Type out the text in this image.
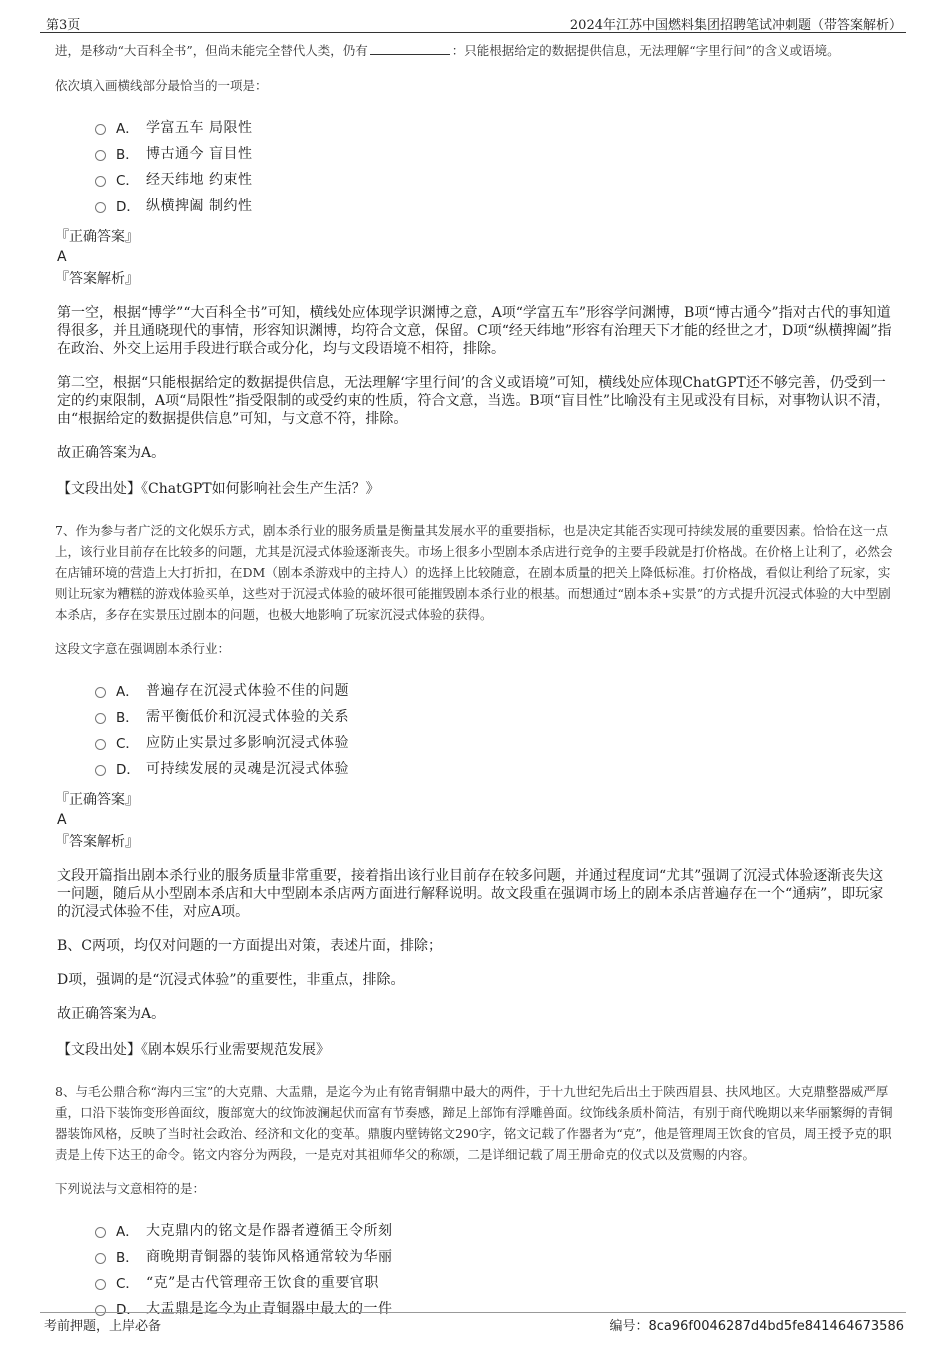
第3页	2024年江苏中国燃料集团招聘笔试冲刺题（带答案解析）

进，是移动“大百科全书”，但尚未能完全替代人类，仍有	：只能根据给定的数据提供信息，无法理解“字里行间”的含义或语境。

依次填入画横线部分最恰当的一项是：

A． 学富五车 局限性
B． 博古通今 盲目性
C． 经天纬地 约束性
D． 纵横捭阖 制约性

『正确答案』

A

『答案解析』

第一空，根据“博学”“大百科全书”可知，横线处应体现学识渊博之意，A项“学富五车”形容学问渊博，B项“博古通今”指对古代的事知道得很多，并且通晓现代的事情，形容知识渊博，均符合文意，保留。C项“经天纬地”形容有治理天下才能的经世之才，D项“纵横捭阖”指在政治、外交上运用手段进行联合或分化，均与文段语境不相符，排除。

第二空，根据“只能根据给定的数据提供信息，无法理解‘字里行间’的含义或语境”可知，横线处应体现ChatGPT还不够完善，仍受到一定的约束限制，A项“局限性”指受限制的或受约束的性质，符合文意，当选。B项“盲目性”比喻没有主见或没有目标，对事物认识不清，由“根据给定的数据提供信息”可知，与文意不符，排除。

故正确答案为A。

【文段出处】《ChatGPT如何影响社会生产生活？》

7、作为参与者广泛的文化娱乐方式，剧本杀行业的服务质量是衡量其发展水平的重要指标，也是决定其能否实现可持续发展的重要因素。恰恰在这一点上，该行业目前存在比较多的问题，尤其是沉浸式体验逐渐丧失。市场上很多小型剧本杀店进行竞争的主要手段就是打价格战。在价格上让利了，必然会在店铺环境的营造上大打折扣，在DM（剧本杀游戏中的主持人）的选择上比较随意，在剧本质量的把关上降低标准。打价格战，看似让利给了玩家，实则让玩家为糟糕的游戏体验买单，这些对于沉浸式体验的破坏很可能摧毁剧本杀行业的根基。而想通过“剧本杀+实景”的方式提升沉浸式体验的大中型剧本杀店，多存在实景压过剧本的问题，也极大地影响了玩家沉浸式体验的获得。

这段文字意在强调剧本杀行业：

A． 普遍存在沉浸式体验不佳的问题
B． 需平衡低价和沉浸式体验的关系
C． 应防止实景过多影响沉浸式体验
D． 可持续发展的灵魂是沉浸式体验

『正确答案』

A

『答案解析』

文段开篇指出剧本杀行业的服务质量非常重要，接着指出该行业目前存在较多问题，并通过程度词“尤其”强调了沉浸式体验逐渐丧失这一问题，随后从小型剧本杀店和大中型剧本杀店两方面进行解释说明。故文段重在强调市场上的剧本杀店普遍存在一个“通病”，即玩家的沉浸式体验不佳，对应A项。

B、C两项，均仅对问题的一方面提出对策，表述片面，排除；

D项，强调的是“沉浸式体验”的重要性，非重点，排除。

故正确答案为A。

【文段出处】《剧本娱乐行业需要规范发展》

8、与毛公鼎合称“海内三宝”的大克鼎、大盂鼎，是迄今为止有铭青铜鼎中最大的两件，于十九世纪先后出土于陕西眉县、扶风地区。大克鼎整器威严厚重，口沿下装饰变形兽面纹，腹部宽大的纹饰波澜起伏而富有节奏感，蹄足上部饰有浮雕兽面。纹饰线条质朴简洁，有别于商代晚期以来华丽繁缛的青铜器装饰风格，反映了当时社会政治、经济和文化的变革。鼎腹内壁铸铭文290字，铭文记载了作器者为“克”，他是管理周王饮食的官员，周王授予克的职责是上传下达王的命令。铭文内容分为两段，一是克对其祖师华父的称颂，二是详细记载了周王册命克的仪式以及赏赐的内容。

下列说法与文意相符的是：

A． 大克鼎内的铭文是作器者遵循王令所刻
B． 商晚期青铜器的装饰风格通常较为华丽
C． “克”是古代管理帝王饮食的重要官职
D． 大盂鼎是迄今为止青铜器中最大的一件
考前押题，上岸必备	编号：8ca96f0046287d4bd5fe841464673586
